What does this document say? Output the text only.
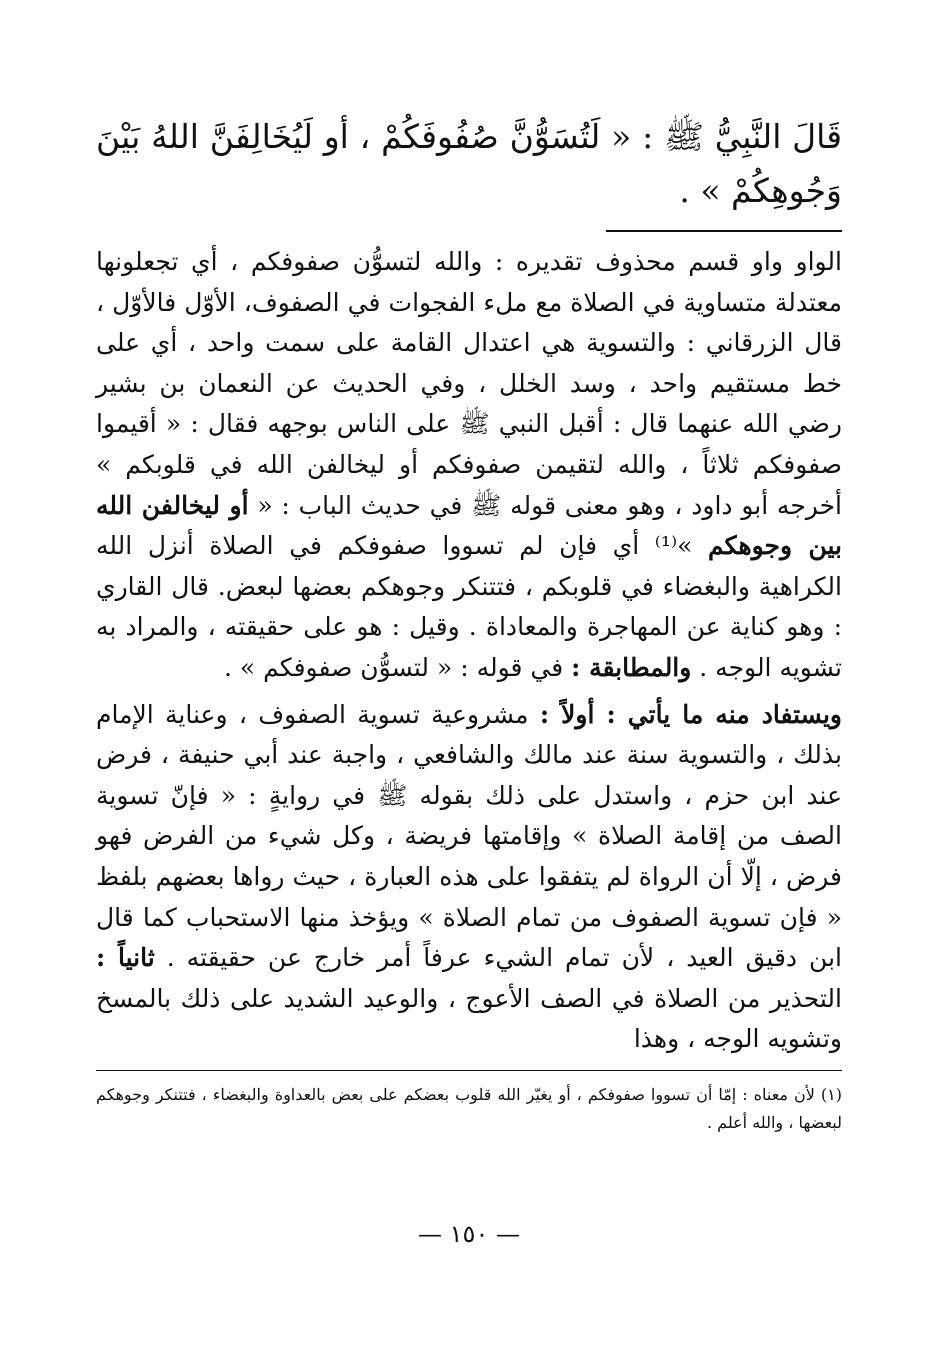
قَالَ النَّبِيُّ ﷺ : « لَتُسَوُّنَّ صُفُوفَكُمْ ، أو لَيُخَالِفَنَّ اللهُ بَيْنَ وَجُوهِكُمْ » .

الواو واو قسم محذوف تقديره : والله لتسوُّن صفوفكم ، أي تجعلونها معتدلة متساوية في الصلاة مع ملء الفجوات في الصفوف، الأوّل فالأوّل ، قال الزرقاني : والتسوية هي اعتدال القامة على سمت واحد ، أي على خط مستقيم واحد ، وسد الخلل ، وفي الحديث عن النعمان بن بشير رضي الله عنهما قال : أقبل النبي ﷺ على الناس بوجهه فقال : « أقيموا صفوفكم ثلاثاً ، والله لتقيمن صفوفكم أو ليخالفن الله في قلوبكم » أخرجه أبو داود ، وهو معنى قوله ﷺ في حديث الباب : « أو ليخالفن الله بين وجوهكم »⁽¹⁾ أي فإن لم تسووا صفوفكم في الصلاة أنزل الله الكراهية والبغضاء في قلوبكم ، فتتنكر وجوهكم بعضها لبعض. قال القاري : وهو كناية عن المهاجرة والمعاداة . وقيل : هو على حقيقته ، والمراد به تشويه الوجه . والمطابقة : في قوله : « لتسوُّن صفوفكم » .

ويستفاد منه ما يأتي : أولاً : مشروعية تسوية الصفوف ، وعناية الإمام بذلك ، والتسوية سنة عند مالك والشافعي ، واجبة عند أبي حنيفة ، فرض عند ابن حزم ، واستدل على ذلك بقوله ﷺ في روايةٍ : « فإنّ تسوية الصف من إقامة الصلاة » وإقامتها فريضة ، وكل شيء من الفرض فهو فرض ، إلّا أن الرواة لم يتفقوا على هذه العبارة ، حيث رواها بعضهم بلفظ « فإن تسوية الصفوف من تمام الصلاة » ويؤخذ منها الاستحباب كما قال ابن دقيق العيد ، لأن تمام الشيء عرفاً أمر خارج عن حقيقته . ثانياً : التحذير من الصلاة في الصف الأعوج ، والوعيد الشديد على ذلك بالمسخ وتشويه الوجه ، وهذا

(١) لأن معناه : إمّا أن تسووا صفوفكم ، أو يغيّر الله قلوب بعضكم على بعض بالعداوة والبغضاء ، فتتنكر وجوهكم لبعضها ، والله أعلم .

— ١٥٠ —
